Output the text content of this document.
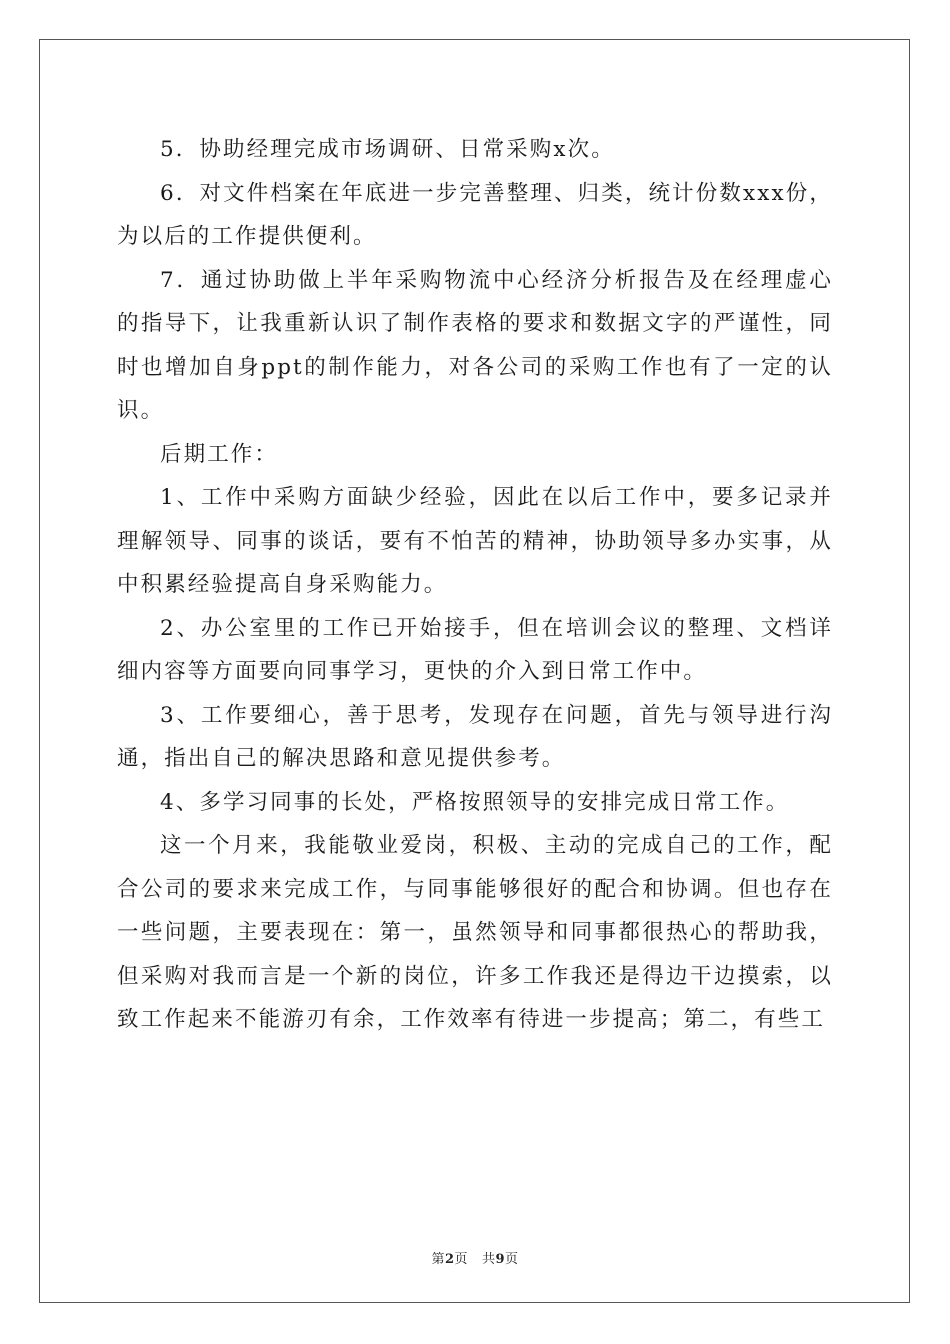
5．协助经理完成市场调研、日常采购x次。

6．对文件档案在年底进一步完善整理、归类，统计份数xxx份，为以后的工作提供便利。

7．通过协助做上半年采购物流中心经济分析报告及在经理虚心的指导下，让我重新认识了制作表格的要求和数据文字的严谨性，同时也增加自身ppt的制作能力，对各公司的采购工作也有了一定的认识。

后期工作：

1、工作中采购方面缺少经验，因此在以后工作中，要多记录并理解领导、同事的谈话，要有不怕苦的精神，协助领导多办实事，从中积累经验提高自身采购能力。

2、办公室里的工作已开始接手，但在培训会议的整理、文档详细内容等方面要向同事学习，更快的介入到日常工作中。

3、工作要细心，善于思考，发现存在问题，首先与领导进行沟通，指出自己的解决思路和意见提供参考。

4、多学习同事的长处，严格按照领导的安排完成日常工作。

这一个月来，我能敬业爱岗，积极、主动的完成自己的工作，配合公司的要求来完成工作，与同事能够很好的配合和协调。但也存在一些问题，主要表现在：第一，虽然领导和同事都很热心的帮助我，但采购对我而言是一个新的岗位，许多工作我还是得边干边摸索，以致工作起来不能游刃有余，工作效率有待进一步提高；第二，有些工

第2页 共9页
